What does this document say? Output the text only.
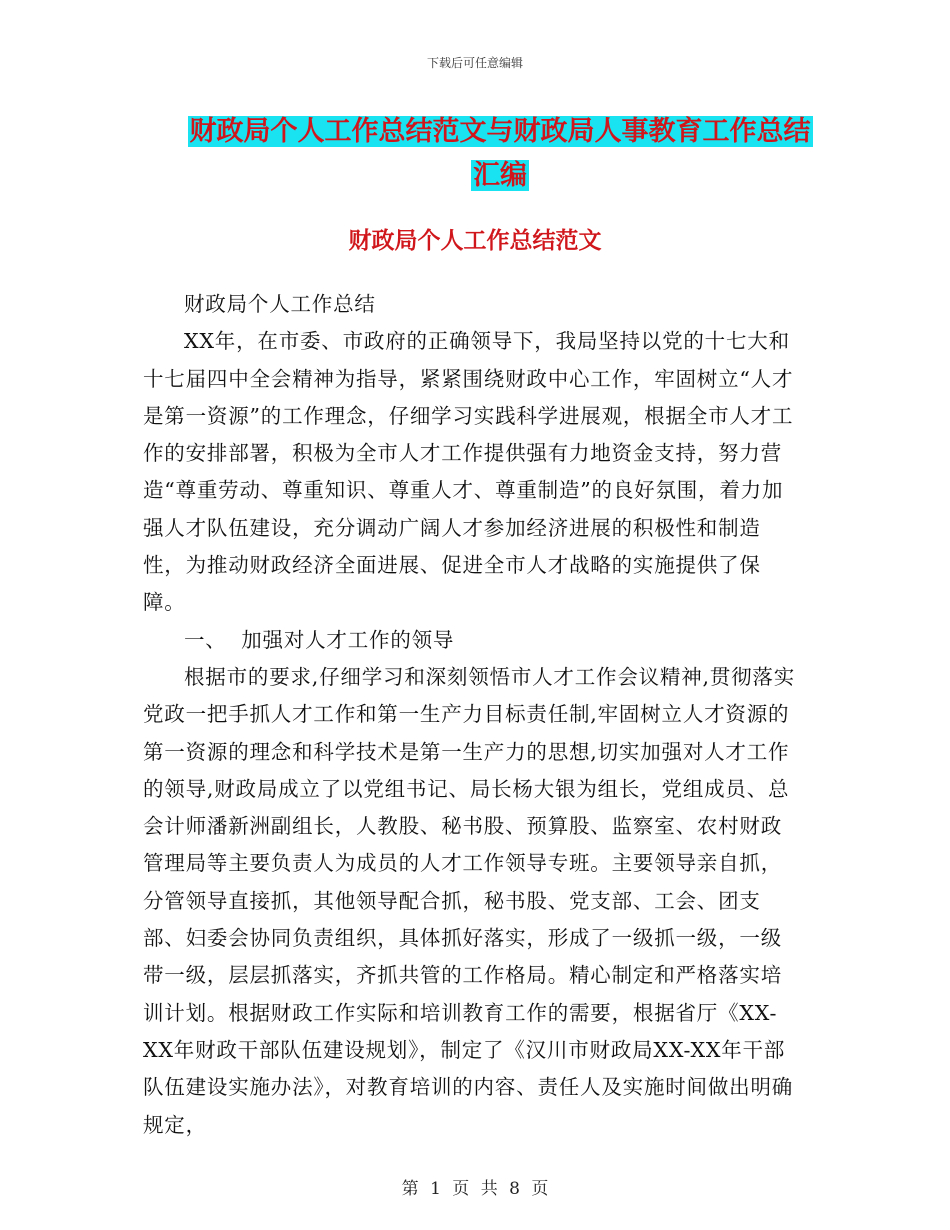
下载后可任意编辑
财政局个人工作总结范文与财政局人事教育工作总结
汇编
财政局个人工作总结范文

财政局个人工作总结

XX年，在市委、市政府的正确领导下，我局坚持以党的十七大和十七届四中全会精神为指导，紧紧围绕财政中心工作，牢固树立“人才是第一资源”的工作理念，仔细学习实践科学进展观，根据全市人才工作的安排部署，积极为全市人才工作提供强有力地资金支持，努力营造“尊重劳动、尊重知识、尊重人才、尊重制造”的良好氛围，着力加强人才队伍建设，充分调动广阔人才参加经济进展的积极性和制造性，为推动财政经济全面进展、促进全市人才战略的实施提供了保障。

一、  加强对人才工作的领导

根据市的要求,仔细学习和深刻领悟市人才工作会议精神,贯彻落实党政一把手抓人才工作和第一生产力目标责任制,牢固树立人才资源的第一资源的理念和科学技术是第一生产力的思想,切实加强对人才工作的领导,财政局成立了以党组书记、局长杨大银为组长，党组成员、总会计师潘新洲副组长，人教股、秘书股、预算股、监察室、农村财政管理局等主要负责人为成员的人才工作领导专班。主要领导亲自抓，分管领导直接抓，其他领导配合抓，秘书股、党支部、工会、团支部、妇委会协同负责组织，具体抓好落实，形成了一级抓一级，一级带一级，层层抓落实，齐抓共管的工作格局。精心制定和严格落实培训计划。根据财政工作实际和培训教育工作的需要，根据省厅《XX-XX年财政干部队伍建设规划》，制定了《汉川市财政局XX-XX年干部队伍建设实施办法》，对教育培训的内容、责任人及实施时间做出明确规定，

第 1 页 共 8 页
